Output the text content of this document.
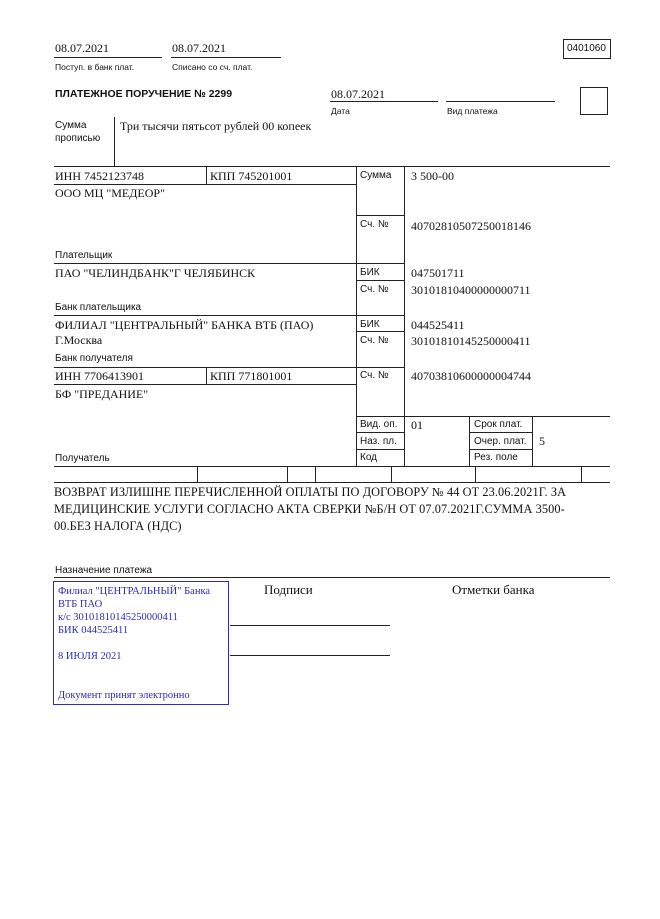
08.07.2021
Поступ. в банк плат.
08.07.2021
Списано со сч. плат.
0401060
ПЛАТЕЖНОЕ ПОРУЧЕНИЕ № 2299	08.07.2021
Дата	Вид платежа
Сумма
прописью
Три тысячи пятьсот рублей 00 копеек
ИНН 7452123748	КПП 745201001	Сумма 3 500-00
ООО МЦ "МЕДЕОР"
Сч. № 40702810507250018146
Плательщик
ПАО "ЧЕЛИНДБАНК"Г ЧЕЛЯБИНСК	БИК	047501711
Сч. № 30101810400000000711
Банк плательщика
ФИЛИАЛ "ЦЕНТРАЛЬНЫЙ" БАНКА ВТБ (ПАО)
Г.Москва
БИК	044525411
Сч. № 30101810145250000411
Банк получателя
ИНН 7706413901	КПП 771801001	Сч. № 40703810600000004744
БФ "ПРЕДАНИЕ"
Получатель
Вид. оп. 01
Наз. пл.
Код
Срок плат.
Очер. плат. 5
Рез. поле
ВОЗВРАТ ИЗЛИШНЕ ПЕРЕЧИСЛЕННОЙ ОПЛАТЫ ПО ДОГОВОРУ № 44 ОТ 23.06.2021Г. ЗА МЕДИЦИНСКИЕ УСЛУГИ СОГЛАСНО АКТА СВЕРКИ №Б/Н ОТ 07.07.2021Г.СУММА 3500-00.БЕЗ НАЛОГА (НДС)
Назначение платежа
Подписи	Отметки банка
Филиал "ЦЕНТРАЛЬНЫЙ" Банка
ВТБ ПАО
к/с 30101810145250000411
БИК 044525411
8 ИЮЛЯ 2021
Документ принят электронно
